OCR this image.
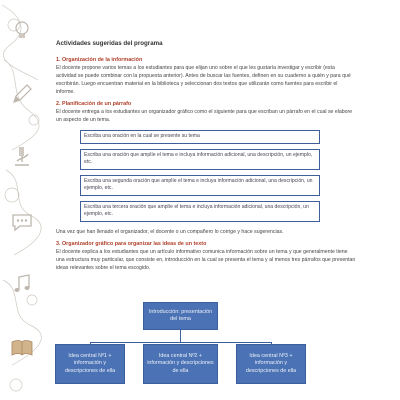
Actividades sugeridas del programa
1. Organización de la información

El docente propone varios temas a los estudiantes para que elijan uno sobre el que les gustaría investigar y escribir (esta actividad se puede combinar con la propuesta anterior). Antes de buscar las fuentes, definen en su cuaderno a quién y para qué escribirán. Luego encuentran material en la biblioteca y seleccionan dos textos que utilizarán como fuentes para escribir el informe.

2. Planificación de un párrafo

El docente entrega a los estudiantes un organizador gráfico como el siguiente para que escriban un párrafo en el cual se elabore un aspecto de un tema.

Escriba una oración en la cual se presente su tema
Escriba una oración que amplíe el tema e incluya información adicional, una descripción, un ejemplo, etc.
Escriba una segunda oración que amplíe el tema e incluya información adicional, una descripción, un ejemplo, etc.
Escriba una tercera oración que amplíe el tema e incluya información adicional, una descripción, un ejemplo, etc.

Una vez que han llenado el organizador, el docente o un compañero lo corrige y hace sugerencias.

3. Organizador gráfico para organizar las ideas de un texto

El docente explica a los estudiantes que un artículo informativo comunica información sobre un tema y que generalmente tiene una estructura muy particular, que consiste en, introducción en la cual se presenta el tema y al menos tres párrafos que presentan ideas relevantes sobre el tema escogido.

Introducción: presentación del tema
Idea central Nº1 + información y descripciones de ella
Idea central Nº2 + información y descripciones de ella
Idea central Nº3 + información y descripciones de ella
